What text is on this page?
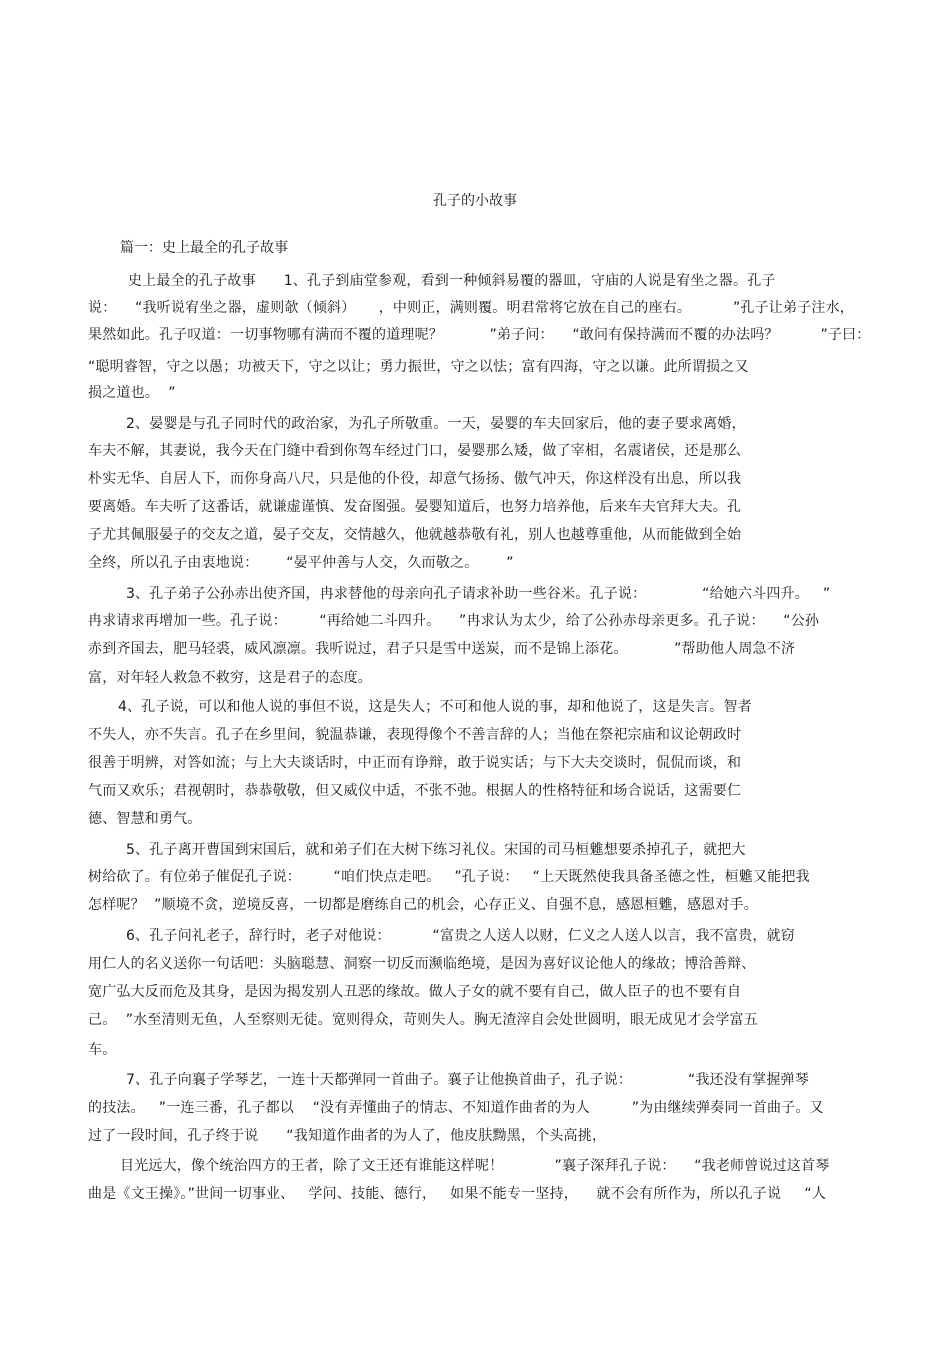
孔子的小故事
篇一：史上最全的孔子故事
史上最全的孔子故事      1、孔子到庙堂参观，看到一种倾斜易覆的器皿，守庙的人说是宥坐之器。孔子
说：    “我听说宥坐之器，虚则欹（倾斜）     ，中则正，满则覆。明君常将它放在自己的座右。         ”孔子让弟子注水，
果然如此。孔子叹道：一切事物哪有满而不覆的道理呢？          ”弟子问：    “敢问有保持满而不覆的办法吗？         ”子曰：
“聪明睿智，守之以愚；功被天下，守之以让；勇力振世，守之以怯；富有四海，守之以谦。此所谓损之又
损之道也。  ”
2、晏婴是与孔子同时代的政治家，为孔子所敬重。一天，晏婴的车夫回家后，他的妻子要求离婚，
车夫不解，其妻说，我今天在门缝中看到你驾车经过门口，晏婴那么矮，做了宰相，名震诸侯，还是那么
朴实无华、自居人下，而你身高八尺，只是他的仆役，却意气扬扬、傲气冲天，你这样没有出息，所以我
要离婚。车夫听了这番话，就谦虚谨慎、发奋图强。晏婴知道后，也努力培养他，后来车夫官拜大夫。孔
子尤其佩服晏子的交友之道，晏子交友，交情越久，他就越恭敬有礼，别人也越尊重他，从而能做到全始
全终，所以孔子由衷地说：      “晏平仲善与人交，久而敬之。      ”
3、孔子弟子公孙赤出使齐国，冉求替他的母亲向孔子请求补助一些谷米。孔子说：            “给她六斗四升。   ”
冉求请求再增加一些。孔子说：       “再给她二斗四升。    ”冉求认为太少，给了公孙赤母亲更多。孔子说：    “公孙
赤到齐国去，肥马轻裘，威风凛凛。我听说过，君子只是雪中送炭，而不是锦上添花。          ”帮助他人周急不济
富，对年轻人救急不救穷，这是君子的态度。
4、孔子说，可以和他人说的事但不说，这是失人；不可和他人说的事，却和他说了，这是失言。智者
不失人，亦不失言。孔子在乡里间，貌温恭谦，表现得像个不善言辞的人；当他在祭祀宗庙和议论朝政时
很善于明辨，对答如流；与上大夫谈话时，中正而有诤辩，敢于说实话；与下大夫交谈时，侃侃而谈，和
气而又欢乐；君视朝时，恭恭敬敬，但又威仪中适，不张不弛。根据人的性格特征和场合说话，这需要仁
德、智慧和勇气。
5、孔子离开曹国到宋国后，就和弟子们在大树下练习礼仪。宋国的司马桓魋想要杀掉孔子，就把大
树给砍了。有位弟子催促孔子说：       “咱们快点走吧。   ”孔子说：   “上天既然使我具备圣德之性，桓魋又能把我
怎样呢？  ”顺境不贪，逆境反喜，一切都是磨练自己的机会，心存正义、自强不息，感恩桓魋，感恩对手。
6、孔子问礼老子，辞行时，老子对他说：         “富贵之人送人以财，仁义之人送人以言，我不富贵，就窃
用仁人的名义送你一句话吧：头脑聪慧、洞察一切反而濒临绝境，是因为喜好议论他人的缘故；博洽善辩、
宽广弘大反而危及其身，是因为揭发别人丑恶的缘故。做人子女的就不要有自己，做人臣子的也不要有自
己。  ”水至清则无鱼，人至察则无徒。宽则得众，苛则失人。胸无渣滓自会处世圆明，眼无成见才会学富五
车。
7、孔子向襄子学琴艺，一连十天都弹同一首曲子。襄子让他换首曲子，孔子说：            “我还没有掌握弹琴
的技法。   ”一连三番，孔子都以    “没有弄懂曲子的情志、不知道作曲者的为人         ”为由继续弹奏同一首曲子。又
过了一段时间，孔子终于说      “我知道作曲者的为人了，他皮肤黝黑，个头高挑，
目光远大，像个统治四方的王者，除了文王还有谁能这样呢！           ”襄子深拜孔子说：    “我老师曾说过这首琴
曲是《文王操》。”世间一切事业、   学问、技能、德行，   如果不能专一坚持，    就不会有所作为，所以孔子说     “人
